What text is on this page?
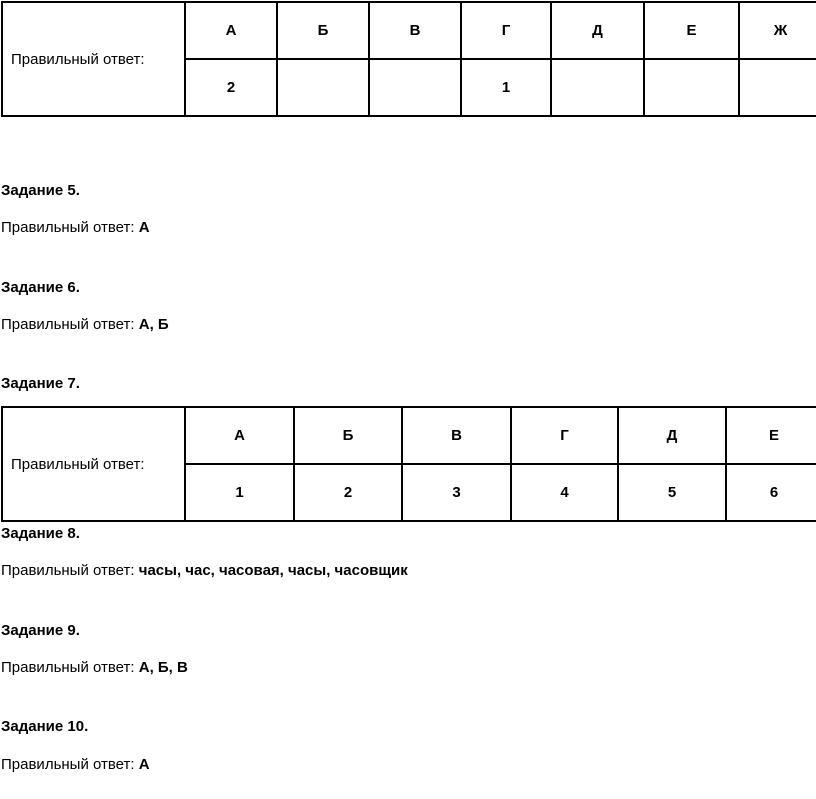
Правильный ответ:	А	Б	В	Г	Д	Е	Ж
	2			1			

Задание 5.

Правильный ответ: А

Задание 6.

Правильный ответ: А, Б

Задание 7.

Правильный ответ:	А	Б	В	Г	Д	Е
	1	2	3	4	5	6

Задание 8.

Правильный ответ: часы, час, часовая, часы, часовщик

Задание 9.

Правильный ответ: А, Б, В

Задание 10.

Правильный ответ: А
